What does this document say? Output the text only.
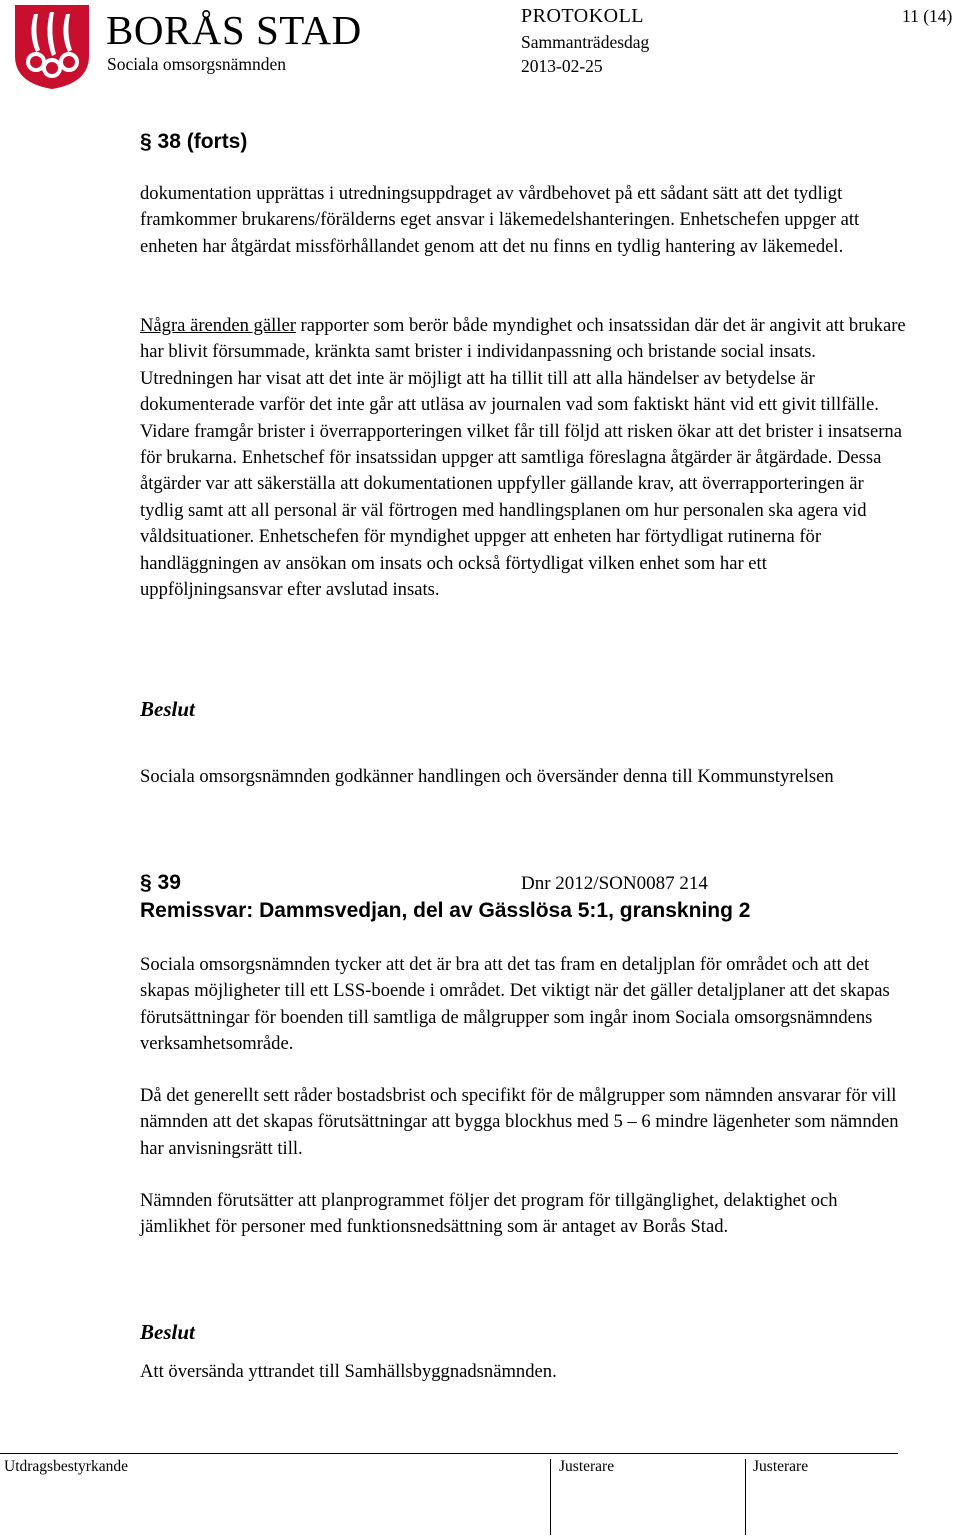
BORÅS STAD
Sociala omsorgsnämnden
PROTOKOLL
Sammanträdesdag
2013-02-25
11 (14)
§ 38 (forts)

dokumentation upprättas i utredningsuppdraget av vårdbehovet på ett sådant sätt att det tydligt framkommer brukarens/förälderns eget ansvar i läkemedelshanteringen. Enhetschefen uppger att enheten har åtgärdat missförhållandet genom att det nu finns en tydlig hantering av läkemedel.

Några ärenden gäller rapporter som berör både myndighet och insatssidan där det är angivit att brukare har blivit försummade, kränkta samt brister i individanpassning och bristande social insats. Utredningen har visat att det inte är möjligt att ha tillit till att alla händelser av betydelse är dokumenterade varför det inte går att utläsa av journalen vad som faktiskt hänt vid ett givit tillfälle. Vidare framgår brister i överrapporteringen vilket får till följd att risken ökar att det brister i insatserna för brukarna. Enhetschef för insatssidan uppger att samtliga föreslagna åtgärder är åtgärdade. Dessa åtgärder var att säkerställa att dokumentationen uppfyller gällande krav, att överrapporteringen är tydlig samt att all personal är väl förtrogen med handlingsplanen om hur personalen ska agera vid våldsituationer. Enhetschefen för myndighet uppger att enheten har förtydligat rutinerna för handläggningen av ansökan om insats och också förtydligat vilken enhet som har ett uppföljningsansvar efter avslutad insats.

Beslut

Sociala omsorgsnämnden godkänner handlingen och översänder denna till Kommunstyrelsen

§ 39	Dnr 2012/SON0087 214
Remissvar: Dammsvedjan, del av Gässlösa 5:1, granskning 2

Sociala omsorgsnämnden tycker att det är bra att det tas fram en detaljplan för området och att det skapas möjligheter till ett LSS-boende i området. Det viktigt när det gäller detaljplaner att det skapas förutsättningar för boenden till samtliga de målgrupper som ingår inom Sociala omsorgsnämndens verksamhetsområde.

Då det generellt sett råder bostadsbrist och specifikt för de målgrupper som nämnden ansvarar för vill nämnden att det skapas förutsättningar att bygga blockhus med 5 – 6 mindre lägenheter som nämnden har anvisningsrätt till.

Nämnden förutsätter att planprogrammet följer det program för tillgänglighet, delaktighet och jämlikhet för personer med funktionsnedsättning som är antaget av Borås Stad.

Beslut

Att översända yttrandet till Samhällsbyggnadsnämnden.

Utdragsbestyrkande	Justerare	Justerare
